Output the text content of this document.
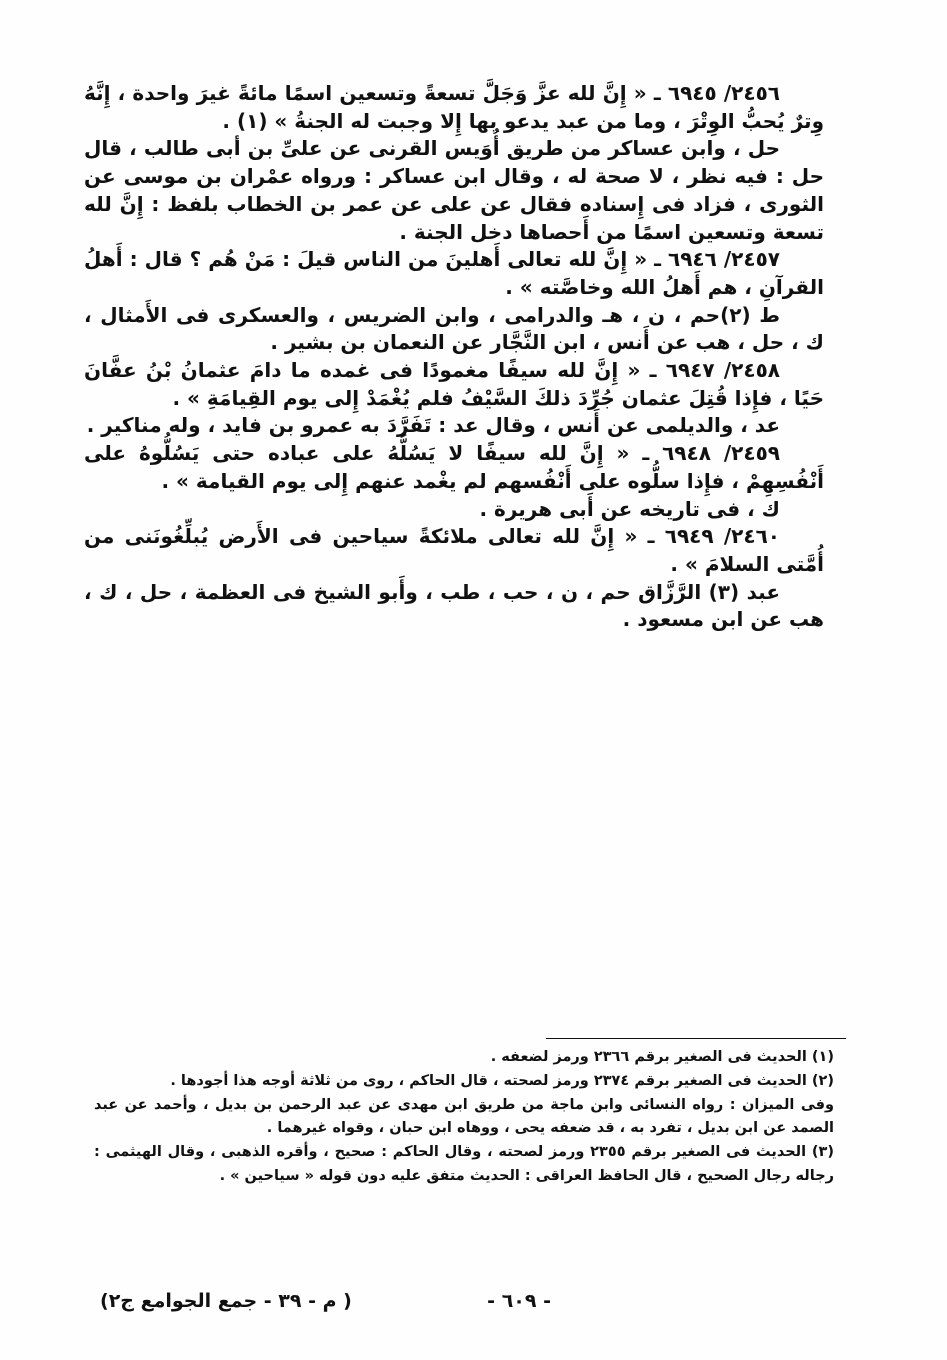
٢٤٥٦/ ٦٩٤٥ ـ « إِنَّ لله عزَّ وَجَلَّ تسعةً وتسعين اسمًا مائةً غيرَ واحدة ، إِنَّهُ وِترٌ يُحبُّ الوِتْرَ ، وما من عبد يدعو بها إِلا وجبت له الجنةُ » (١) .

حل ، وابن عساكر من طريق أُوَيس القرنى عن علىِّ بن أبى طالب ، قال حل : فيه نظر ، لا صحة له ، وقال ابن عساكر : ورواه عمْران بن موسى عن الثورى ، فزاد فى إِسناده فقال عن على عن عمر بن الخطاب بلفظ : إِنَّ لله تسعة وتسعين اسمًا من أَحصاها دخل الجنة .

٢٤٥٧/ ٦٩٤٦ ـ « إِنَّ لله تعالى أَهلينَ من الناس قيلَ : مَنْ هُم ؟ قال : أَهلُ القرآنِ ، هم أَهلُ الله وخاصَّته » .

ط (٢)حم ، ن ، هـ والدرامى ، وابن الضريس ، والعسكرى فى الأَمثال ، ك ، حل ، هب عن أَنس ، ابن النَّجَّار عن النعمان بن بشير .

٢٤٥٨/ ٦٩٤٧ ـ « إِنَّ لله سيفًا مغمودًا فى غمده ما دامَ عثمانُ بْنُ عفَّانَ حَيًا ، فإِذا قُتِلَ عثمان جُرِّدَ ذلكَ السَّيْفُ فلم يُغْمَدْ إِلى يوم القِيامَةِ » .

عد ، والديلمى عن أَنس ، وقال عد : تَفَرَّدَ به عمرو بن فايد ، وله مناكير .

٢٤٥٩/ ٦٩٤٨ ـ « إِنَّ لله سيفًا لا يَسُلُّهُ على عباده حتى يَسُلُّوهُ على أَنْفُسِهِمْ ، فإِذا سلُّوه على أَنْفُسهم لم يغْمد عنهم إِلى يوم القيامة » .

ك ، فى تاريخه عن أَبى هريرة .

٢٤٦٠/ ٦٩٤٩ ـ « إِنَّ لله تعالى ملائكةً سياحين فى الأَرض يُبلِّغُونَنى من أُمَّتى السلامَ » .

عبد (٣) الرَّزَّاق حم ، ن ، حب ، طب ، وأَبو الشيخ فى العظمة ، حل ، ك ، هب عن ابن مسعود .

(١) الحديث فى الصغير برقم ٢٣٦٦ ورمز لضعفه .

(٢) الحديث فى الصغير برقم ٢٣٧٤ ورمز لصحته ، قال الحاكم ، روى من ثلاثة أوجه هذا أجودها .

وفى الميزان : رواه النسائى وابن ماجة من طريق ابن مهدى عن عبد الرحمن بن بديل ، وأحمد عن عبد الصمد عن ابن بديل ، تفرد به ، قد ضعفه يحى ، ووهاه ابن حبان ، وقواه غيرهما .

(٣) الحديث فى الصغير برقم ٢٣٥٥ ورمز لصحته ، وقال الحاكم : صحيح ، وأقره الذهبى ، وقال الهيثمى : رجاله رجال الصحيح ، قال الحافظ العراقى : الحديث متفق عليه دون قوله « سياحين » .

- ٦٠٩ -
( م - ٣٩ - جمع الجوامع ج٢)
